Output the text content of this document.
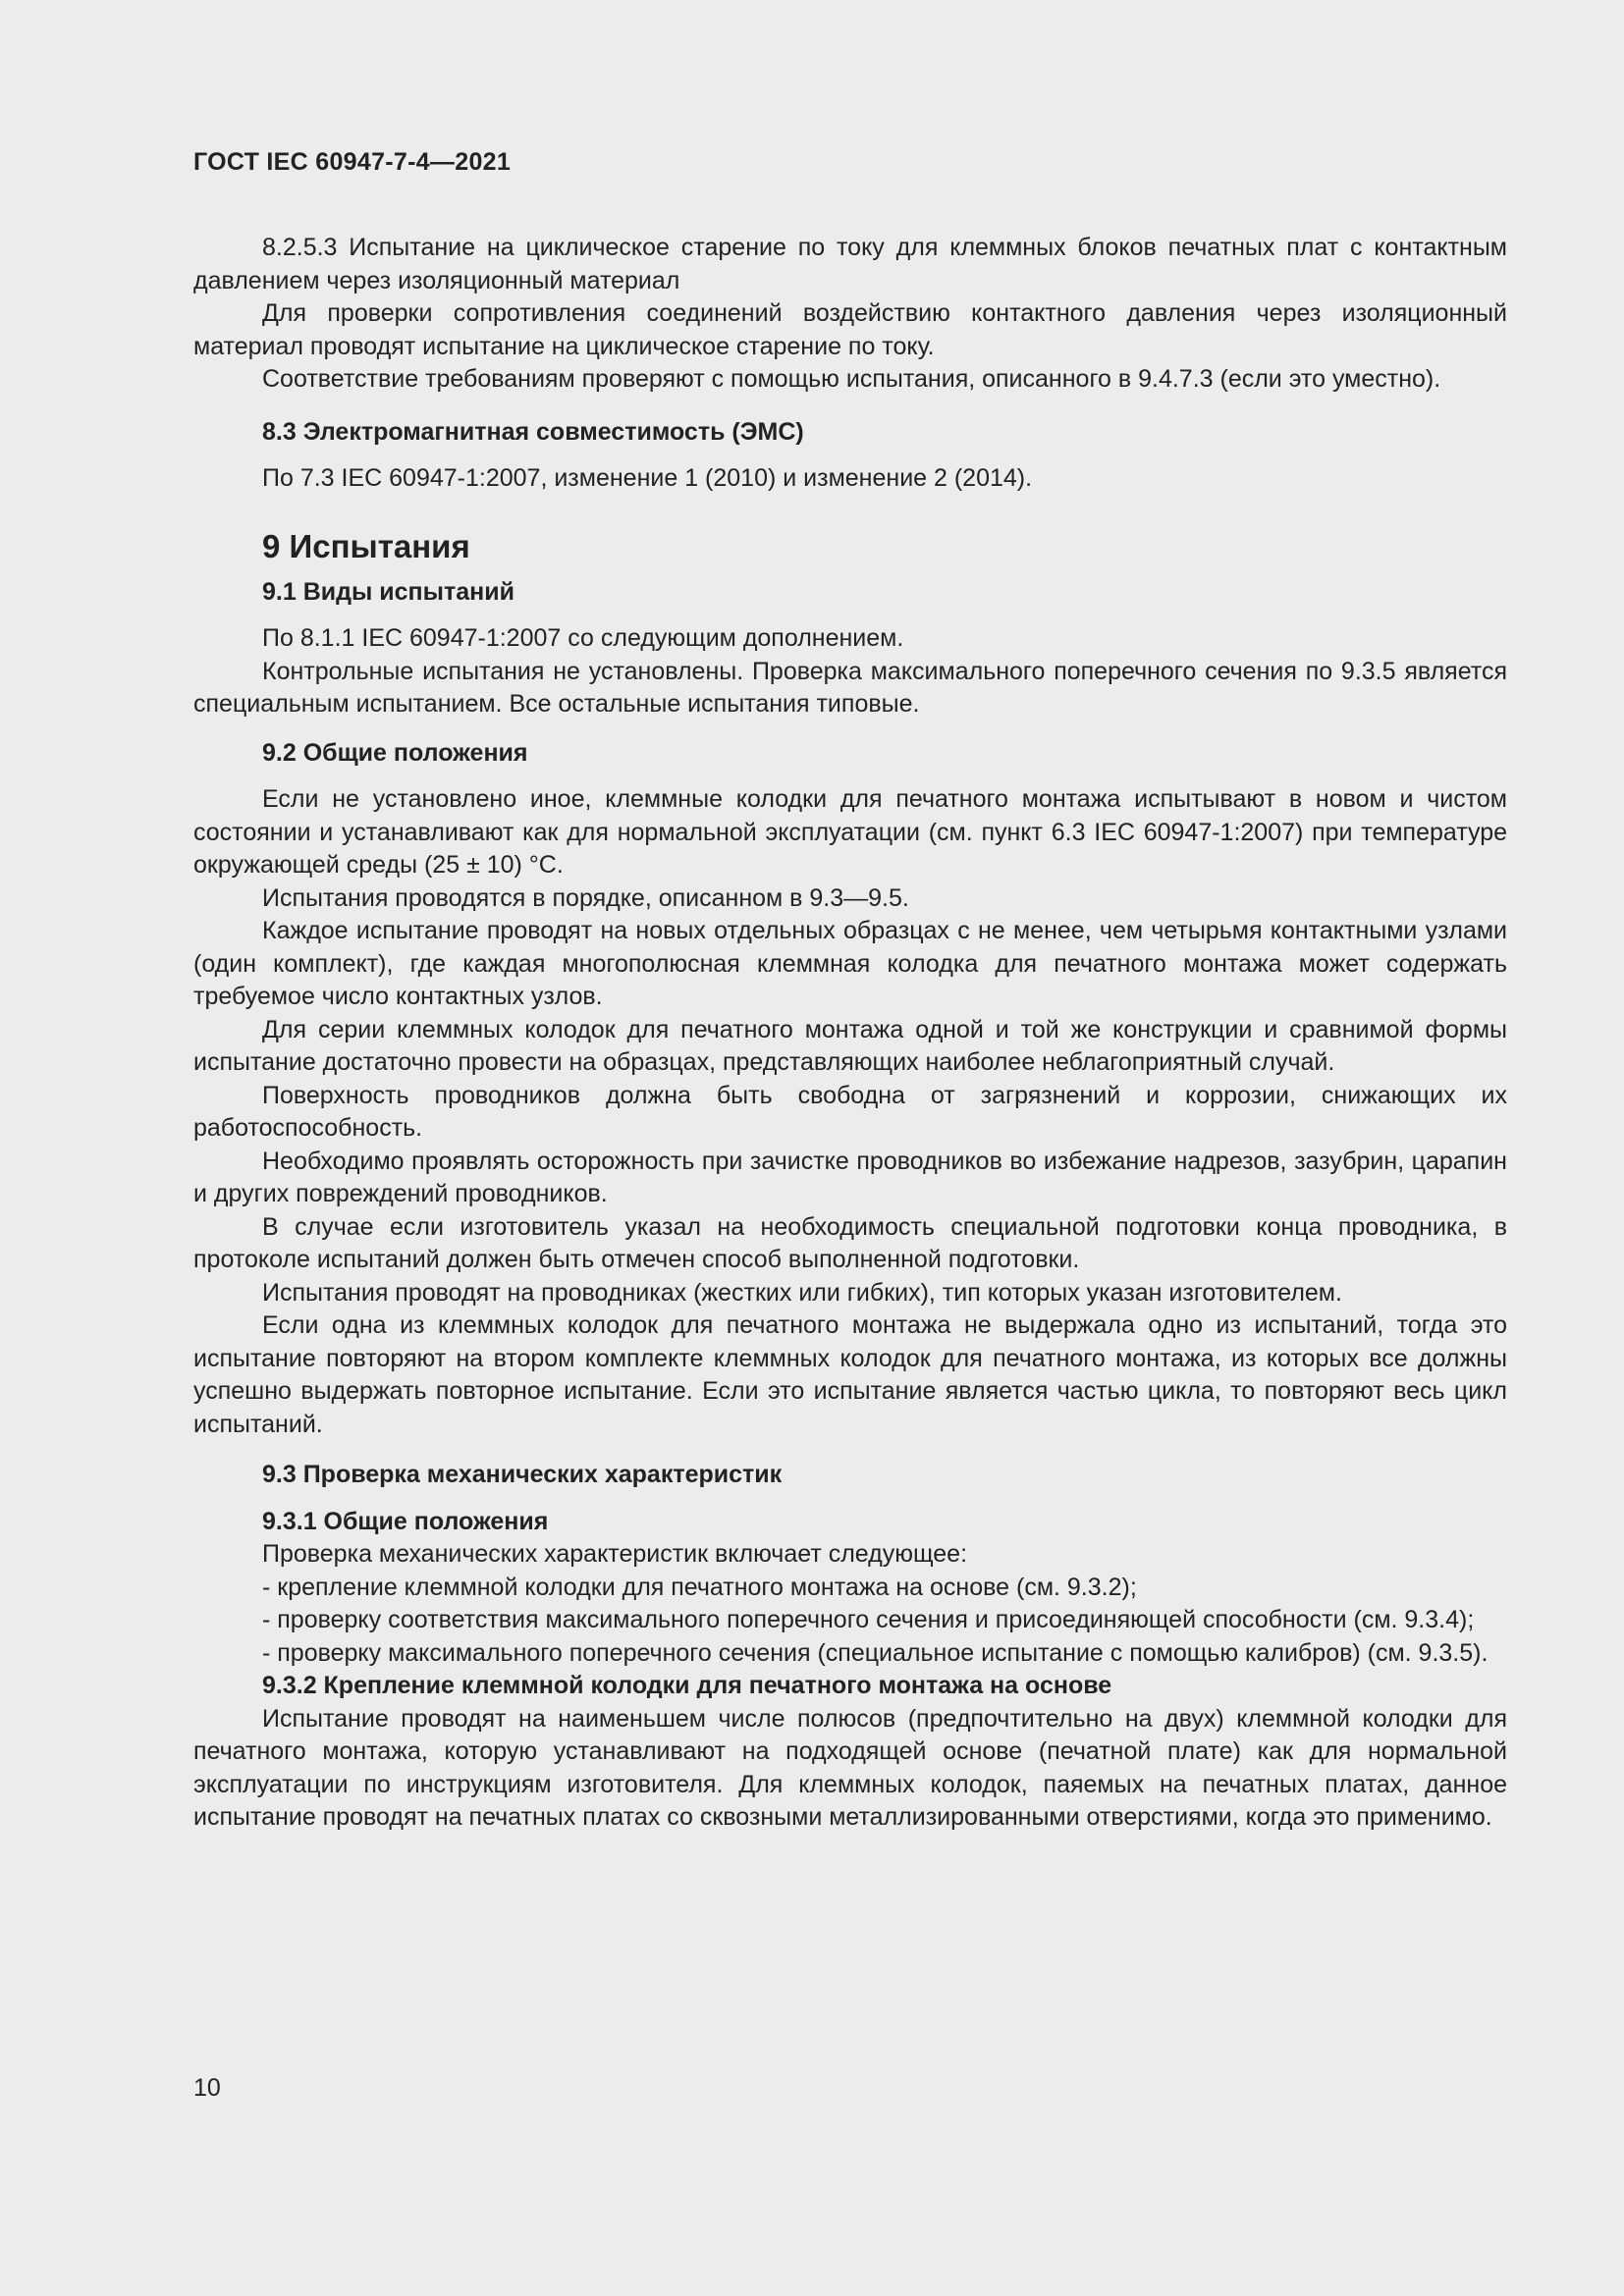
ГОСТ IEC 60947-7-4—2021

8.2.5.3 Испытание на циклическое старение по току для клеммных блоков печатных плат с контактным давлением через изоляционный материал

Для проверки сопротивления соединений воздействию контактного давления через изоляционный материал проводят испытание на циклическое старение по току.

Соответствие требованиям проверяют с помощью испытания, описанного в 9.4.7.3 (если это уместно).

8.3 Электромагнитная совместимость (ЭМС)

По 7.3 IEC 60947-1:2007, изменение 1 (2010) и изменение 2 (2014).

9 Испытания
9.1 Виды испытаний

По 8.1.1 IEC 60947-1:2007 со следующим дополнением.

Контрольные испытания не установлены. Проверка максимального поперечного сечения по 9.3.5 является специальным испытанием. Все остальные испытания типовые.

9.2 Общие положения

Если не установлено иное, клеммные колодки для печатного монтажа испытывают в новом и чистом состоянии и устанавливают как для нормальной эксплуатации (см. пункт 6.3 IEC 60947-1:2007) при температуре окружающей среды (25 ± 10) °C.

Испытания проводятся в порядке, описанном в 9.3—9.5.

Каждое испытание проводят на новых отдельных образцах с не менее, чем четырьмя контактными узлами (один комплект), где каждая многополюсная клеммная колодка для печатного монтажа может содержать требуемое число контактных узлов.

Для серии клеммных колодок для печатного монтажа одной и той же конструкции и сравнимой формы испытание достаточно провести на образцах, представляющих наиболее неблагоприятный случай.

Поверхность проводников должна быть свободна от загрязнений и коррозии, снижающих их работоспособность.

Необходимо проявлять осторожность при зачистке проводников во избежание надрезов, зазубрин, царапин и других повреждений проводников.

В случае если изготовитель указал на необходимость специальной подготовки конца проводника, в протоколе испытаний должен быть отмечен способ выполненной подготовки.

Испытания проводят на проводниках (жестких или гибких), тип которых указан изготовителем.

Если одна из клеммных колодок для печатного монтажа не выдержала одно из испытаний, тогда это испытание повторяют на втором комплекте клеммных колодок для печатного монтажа, из которых все должны успешно выдержать повторное испытание. Если это испытание является частью цикла, то повторяют весь цикл испытаний.

9.3 Проверка механических характеристик
9.3.1 Общие положения

Проверка механических характеристик включает следующее:

- крепление клеммной колодки для печатного монтажа на основе (см. 9.3.2);

- проверку соответствия максимального поперечного сечения и присоединяющей способности (см. 9.3.4);

- проверку максимального поперечного сечения (специальное испытание с помощью калибров) (см. 9.3.5).

9.3.2 Крепление клеммной колодки для печатного монтажа на основе

Испытание проводят на наименьшем числе полюсов (предпочтительно на двух) клеммной колодки для печатного монтажа, которую устанавливают на подходящей основе (печатной плате) как для нормальной эксплуатации по инструкциям изготовителя. Для клеммных колодок, паяемых на печатных платах, данное испытание проводят на печатных платах со сквозными металлизированными отверстиями, когда это применимо.

10
